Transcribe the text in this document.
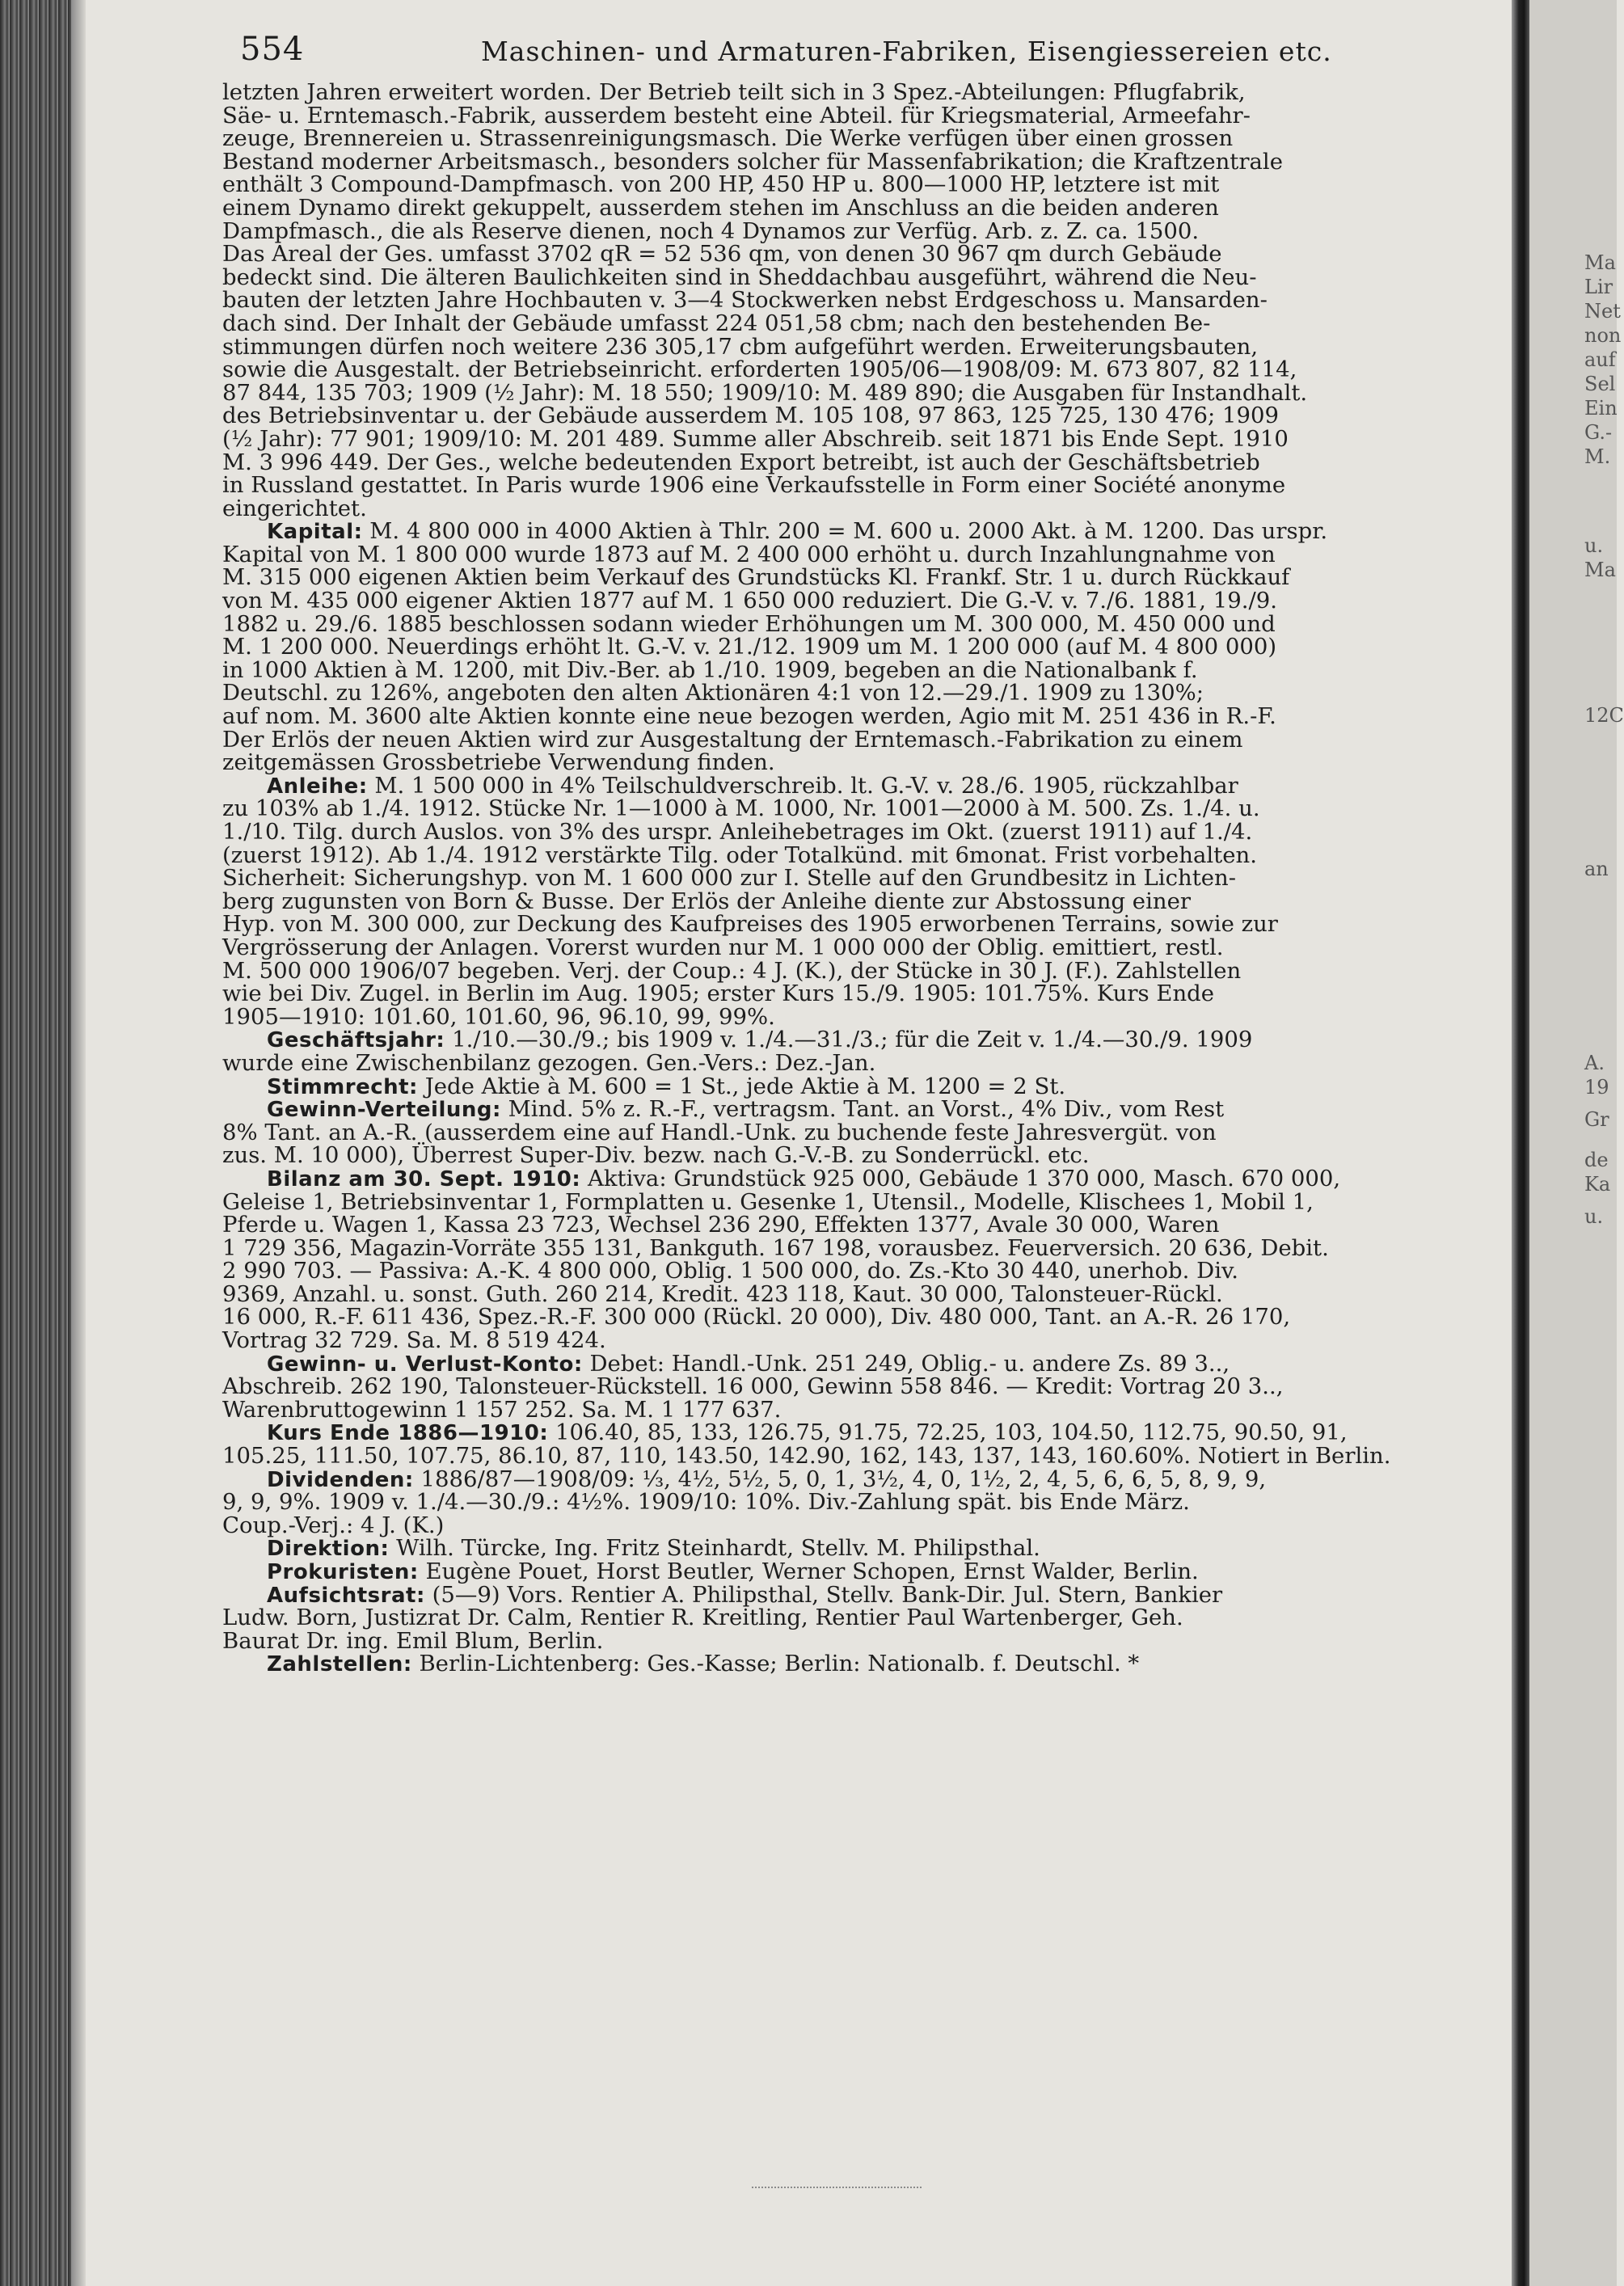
Ma
Lir
Net
non
auf
Sel
Ein
G.-
M.
u.
Ma
12C
an
A.
19
Gr
de
Ka
u.
554	Maschinen- und Armaturen-Fabriken, Eisengiessereien etc.
letzten Jahren erweitert worden. Der Betrieb teilt sich in 3 Spez.-Abteilungen: Pflugfabrik,
Säe- u. Erntemasch.-Fabrik, ausserdem besteht eine Abteil. für Kriegsmaterial, Armeefahr-
zeuge, Brennereien u. Strassenreinigungsmasch. Die Werke verfügen über einen grossen
Bestand moderner Arbeitsmasch., besonders solcher für Massenfabrikation; die Kraftzentrale
enthält 3 Compound-Dampfmasch. von 200 HP, 450 HP u. 800—1000 HP, letztere ist mit
einem Dynamo direkt gekuppelt, ausserdem stehen im Anschluss an die beiden anderen
Dampfmasch., die als Reserve dienen, noch 4 Dynamos zur Verfüg. Arb. z. Z. ca. 1500.
Das Areal der Ges. umfasst 3702 qR = 52 536 qm, von denen 30 967 qm durch Gebäude
bedeckt sind. Die älteren Baulichkeiten sind in Sheddachbau ausgeführt, während die Neu-
bauten der letzten Jahre Hochbauten v. 3—4 Stockwerken nebst Erdgeschoss u. Mansarden-
dach sind. Der Inhalt der Gebäude umfasst 224 051,58 cbm; nach den bestehenden Be-
stimmungen dürfen noch weitere 236 305,17 cbm aufgeführt werden. Erweiterungsbauten,
sowie die Ausgestalt. der Betriebseinricht. erforderten 1905/06—1908/09: M. 673 807, 82 114,
87 844, 135 703; 1909 (½ Jahr): M. 18 550; 1909/10: M. 489 890; die Ausgaben für Instandhalt.
des Betriebsinventar u. der Gebäude ausserdem M. 105 108, 97 863, 125 725, 130 476; 1909
(½ Jahr): 77 901; 1909/10: M. 201 489. Summe aller Abschreib. seit 1871 bis Ende Sept. 1910
M. 3 996 449. Der Ges., welche bedeutenden Export betreibt, ist auch der Geschäftsbetrieb
in Russland gestattet. In Paris wurde 1906 eine Verkaufsstelle in Form einer Société anonyme
eingerichtet.
Kapital: M. 4 800 000 in 4000 Aktien à Thlr. 200 = M. 600 u. 2000 Akt. à M. 1200. Das urspr.
Kapital von M. 1 800 000 wurde 1873 auf M. 2 400 000 erhöht u. durch Inzahlungnahme von
M. 315 000 eigenen Aktien beim Verkauf des Grundstücks Kl. Frankf. Str. 1 u. durch Rückkauf
von M. 435 000 eigener Aktien 1877 auf M. 1 650 000 reduziert. Die G.-V. v. 7./6. 1881, 19./9.
1882 u. 29./6. 1885 beschlossen sodann wieder Erhöhungen um M. 300 000, M. 450 000 und
M. 1 200 000. Neuerdings erhöht lt. G.-V. v. 21./12. 1909 um M. 1 200 000 (auf M. 4 800 000)
in 1000 Aktien à M. 1200, mit Div.-Ber. ab 1./10. 1909, begeben an die Nationalbank f.
Deutschl. zu 126%, angeboten den alten Aktionären 4:1 von 12.—29./1. 1909 zu 130%;
auf nom. M. 3600 alte Aktien konnte eine neue bezogen werden, Agio mit M. 251 436 in R.-F.
Der Erlös der neuen Aktien wird zur Ausgestaltung der Erntemasch.-Fabrikation zu einem
zeitgemässen Grossbetriebe Verwendung finden.
Anleihe: M. 1 500 000 in 4% Teilschuldverschreib. lt. G.-V. v. 28./6. 1905, rückzahlbar
zu 103% ab 1./4. 1912. Stücke Nr. 1—1000 à M. 1000, Nr. 1001—2000 à M. 500. Zs. 1./4. u.
1./10. Tilg. durch Auslos. von 3% des urspr. Anleihebetrages im Okt. (zuerst 1911) auf 1./4.
(zuerst 1912). Ab 1./4. 1912 verstärkte Tilg. oder Totalkünd. mit 6monat. Frist vorbehalten.
Sicherheit: Sicherungshyp. von M. 1 600 000 zur I. Stelle auf den Grundbesitz in Lichten-
berg zugunsten von Born & Busse. Der Erlös der Anleihe diente zur Abstossung einer
Hyp. von M. 300 000, zur Deckung des Kaufpreises des 1905 erworbenen Terrains, sowie zur
Vergrösserung der Anlagen. Vorerst wurden nur M. 1 000 000 der Oblig. emittiert, restl.
M. 500 000 1906/07 begeben. Verj. der Coup.: 4 J. (K.), der Stücke in 30 J. (F.). Zahlstellen
wie bei Div. Zugel. in Berlin im Aug. 1905; erster Kurs 15./9. 1905: 101.75%. Kurs Ende
1905—1910: 101.60, 101.60, 96, 96.10, 99, 99%.
Geschäftsjahr: 1./10.—30./9.; bis 1909 v. 1./4.—31./3.; für die Zeit v. 1./4.—30./9. 1909
wurde eine Zwischenbilanz gezogen. Gen.-Vers.: Dez.-Jan.
Stimmrecht: Jede Aktie à M. 600 = 1 St., jede Aktie à M. 1200 = 2 St.
Gewinn-Verteilung: Mind. 5% z. R.-F., vertragsm. Tant. an Vorst., 4% Div., vom Rest
8% Tant. an A.-R. (ausserdem eine auf Handl.-Unk. zu buchende feste Jahresvergüt. von
zus. M. 10 000), Überrest Super-Div. bezw. nach G.-V.-B. zu Sonderrückl. etc.
Bilanz am 30. Sept. 1910: Aktiva: Grundstück 925 000, Gebäude 1 370 000, Masch. 670 000,
Geleise 1, Betriebsinventar 1, Formplatten u. Gesenke 1, Utensil., Modelle, Klischees 1, Mobil 1,
Pferde u. Wagen 1, Kassa 23 723, Wechsel 236 290, Effekten 1377, Avale 30 000, Waren
1 729 356, Magazin-Vorräte 355 131, Bankguth. 167 198, vorausbez. Feuerversich. 20 636, Debit.
2 990 703. — Passiva: A.-K. 4 800 000, Oblig. 1 500 000, do. Zs.-Kto 30 440, unerhob. Div.
9369, Anzahl. u. sonst. Guth. 260 214, Kredit. 423 118, Kaut. 30 000, Talonsteuer-Rückl.
16 000, R.-F. 611 436, Spez.-R.-F. 300 000 (Rückl. 20 000), Div. 480 000, Tant. an A.-R. 26 170,
Vortrag 32 729. Sa. M. 8 519 424.
Gewinn- u. Verlust-Konto: Debet: Handl.-Unk. 251 249, Oblig.- u. andere Zs. 89 3..,
Abschreib. 262 190, Talonsteuer-Rückstell. 16 000, Gewinn 558 846. — Kredit: Vortrag 20 3..,
Warenbruttogewinn 1 157 252. Sa. M. 1 177 637.
Kurs Ende 1886—1910: 106.40, 85, 133, 126.75, 91.75, 72.25, 103, 104.50, 112.75, 90.50, 91,
105.25, 111.50, 107.75, 86.10, 87, 110, 143.50, 142.90, 162, 143, 137, 143, 160.60%. Notiert in Berlin.
Dividenden: 1886/87—1908/09: ⅓, 4½, 5½, 5, 0, 1, 3½, 4, 0, 1½, 2, 4, 5, 6, 6, 5, 8, 9, 9,
9, 9, 9%. 1909 v. 1./4.—30./9.: 4½%. 1909/10: 10%. Div.-Zahlung spät. bis Ende März.
Coup.-Verj.: 4 J. (K.)
Direktion: Wilh. Türcke, Ing. Fritz Steinhardt, Stellv. M. Philipsthal.
Prokuristen: Eugène Pouet, Horst Beutler, Werner Schopen, Ernst Walder, Berlin.
Aufsichtsrat: (5—9) Vors. Rentier A. Philipsthal, Stellv. Bank-Dir. Jul. Stern, Bankier
Ludw. Born, Justizrat Dr. Calm, Rentier R. Kreitling, Rentier Paul Wartenberger, Geh.
Baurat Dr. ing. Emil Blum, Berlin.
Zahlstellen: Berlin-Lichtenberg: Ges.-Kasse; Berlin: Nationalb. f. Deutschl. *
